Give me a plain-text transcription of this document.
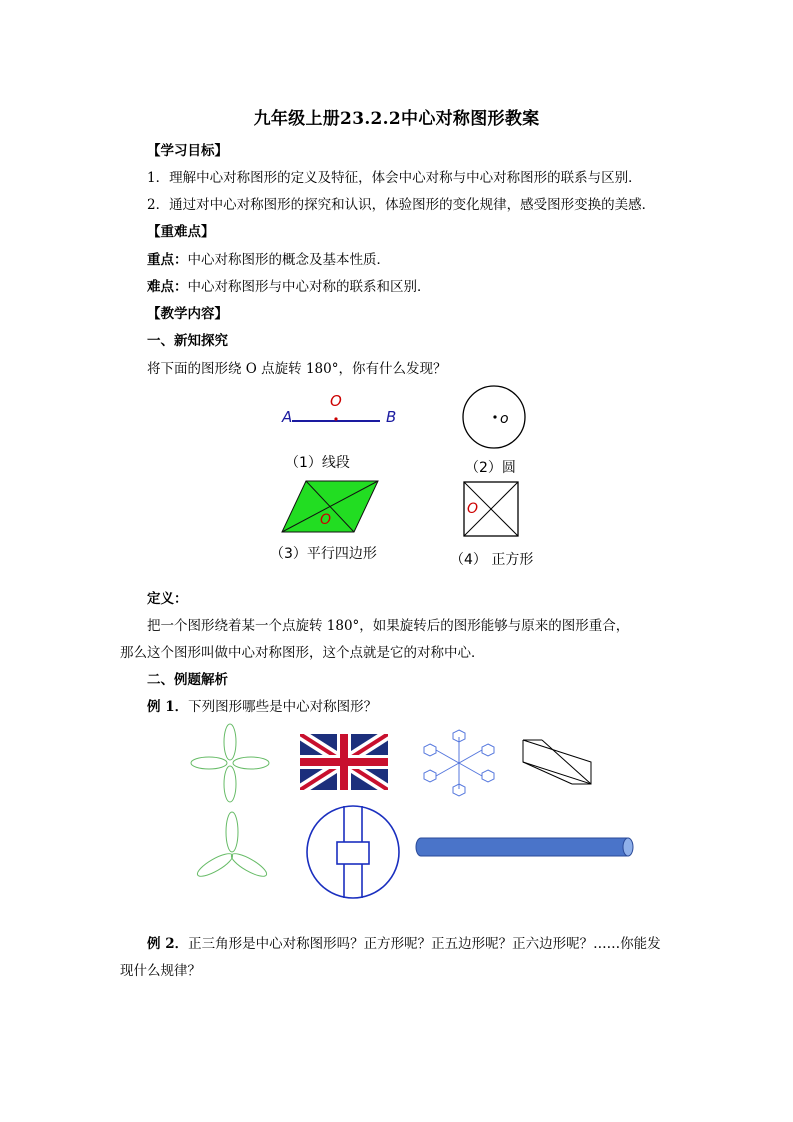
九年级上册23.2.2中心对称图形教案
【学习目标】
1．理解中心对称图形的定义及特征，体会中心对称与中心对称图形的联系与区别．
2．通过对中心对称图形的探究和认识，体验图形的变化规律，感受图形变换的美感．
【重难点】
重点：中心对称图形的概念及基本性质．
难点：中心对称图形与中心对称的联系和区别．
【教学内容】
一、新知探究
将下面的图形绕 O 点旋转 180°，你有什么发现？
A	B
O
o
O
O
（1）线段	（2）圆
（3）平行四边形	（4） 正方形
定义：
把一个图形绕着某一个点旋转 180°，如果旋转后的图形能够与原来的图形重合，
那么这个图形叫做中心对称图形，这个点就是它的对称中心．
二、例题解析
例 1．下列图形哪些是中心对称图形？
例 2．正三角形是中心对称图形吗？正方形呢？正五边形呢？正六边形呢？……你能发
现什么规律？
